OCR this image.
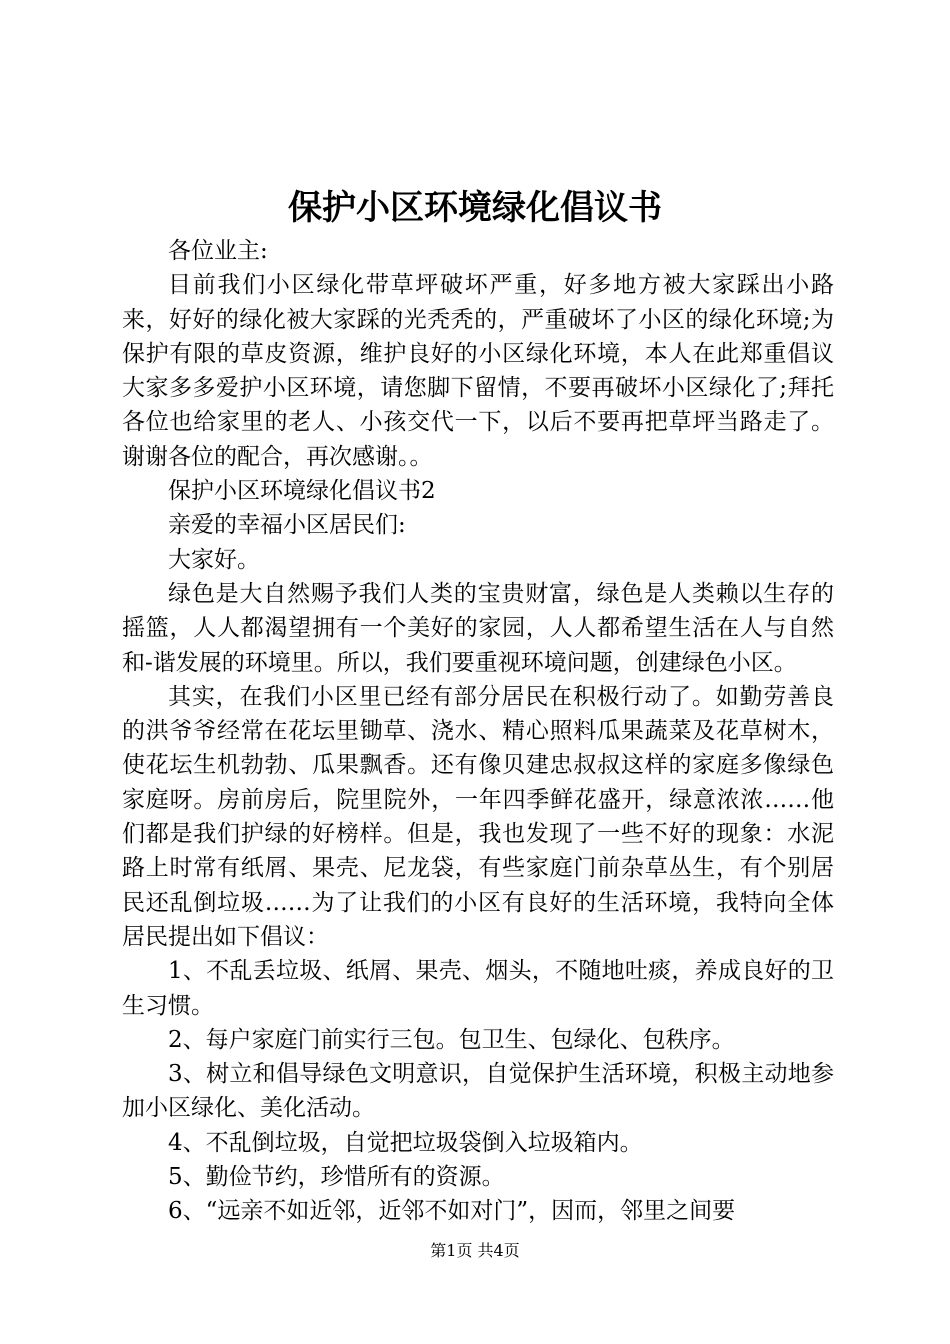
保护小区环境绿化倡议书

各位业主:

目前我们小区绿化带草坪破坏严重，好多地方被大家踩出小路来，好好的绿化被大家踩的光秃秃的，严重破坏了小区的绿化环境;为保护有限的草皮资源，维护良好的小区绿化环境，本人在此郑重倡议大家多多爱护小区环境，请您脚下留情，不要再破坏小区绿化了;拜托各位也给家里的老人、小孩交代一下，以后不要再把草坪当路走了。谢谢各位的配合，再次感谢。。

保护小区环境绿化倡议书2

亲爱的幸福小区居民们:

大家好。

绿色是大自然赐予我们人类的宝贵财富，绿色是人类赖以生存的摇篮，人人都渴望拥有一个美好的家园，人人都希望生活在人与自然和-谐发展的环境里。所以，我们要重视环境问题，创建绿色小区。

其实，在我们小区里已经有部分居民在积极行动了。如勤劳善良的洪爷爷经常在花坛里锄草、浇水、精心照料瓜果蔬菜及花草树木，使花坛生机勃勃、瓜果飘香。还有像贝建忠叔叔这样的家庭多像绿色家庭呀。房前房后，院里院外，一年四季鲜花盛开，绿意浓浓……他们都是我们护绿的好榜样。但是，我也发现了一些不好的现象：水泥路上时常有纸屑、果壳、尼龙袋，有些家庭门前杂草丛生，有个别居民还乱倒垃圾……为了让我们的小区有良好的生活环境，我特向全体居民提出如下倡议：

1、不乱丢垃圾、纸屑、果壳、烟头，不随地吐痰，养成良好的卫生习惯。

2、每户家庭门前实行三包。包卫生、包绿化、包秩序。

3、树立和倡导绿色文明意识，自觉保护生活环境，积极主动地参加小区绿化、美化活动。

4、不乱倒垃圾，自觉把垃圾袋倒入垃圾箱内。

5、勤俭节约，珍惜所有的资源。

6、“远亲不如近邻，近邻不如对门”，因而，邻里之间要

第1页 共4页
